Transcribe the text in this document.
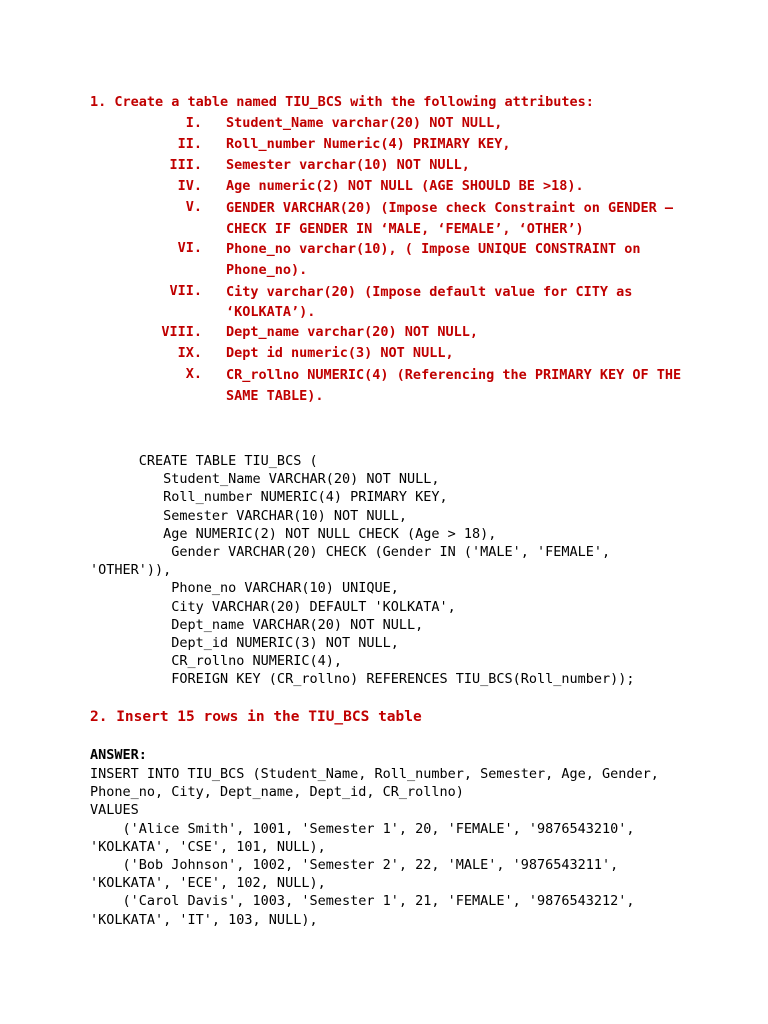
1. Create a table named TIU_BCS with the following attributes:
I. Student_Name varchar(20) NOT NULL,
II. Roll_number Numeric(4) PRIMARY KEY,
III. Semester varchar(10) NOT NULL,
IV. Age numeric(2) NOT NULL (AGE SHOULD BE >18).
V. GENDER VARCHAR(20) (Impose check Constraint on GENDER – CHECK IF GENDER IN ‘MALE, ‘FEMALE’, ‘OTHER’)
VI. Phone_no varchar(10), ( Impose UNIQUE CONSTRAINT on Phone_no).
VII. City varchar(20) (Impose default value for CITY as ‘KOLKATA’).
VIII. Dept_name varchar(20) NOT NULL,
IX. Dept id numeric(3) NOT NULL,
X. CR_rollno NUMERIC(4) (Referencing the PRIMARY KEY OF THE SAME TABLE).
CREATE TABLE TIU_BCS (
Student_Name VARCHAR(20) NOT NULL,
Roll_number NUMERIC(4) PRIMARY KEY,
Semester VARCHAR(10) NOT NULL,
Age NUMERIC(2) NOT NULL CHECK (Age > 18),
Gender VARCHAR(20) CHECK (Gender IN ('MALE', 'FEMALE',
'OTHER')),
Phone_no VARCHAR(10) UNIQUE,
City VARCHAR(20) DEFAULT 'KOLKATA',
Dept_name VARCHAR(20) NOT NULL,
Dept_id NUMERIC(3) NOT NULL,
CR_rollno NUMERIC(4),
FOREIGN KEY (CR_rollno) REFERENCES TIU_BCS(Roll_number));
2. Insert 15 rows in the TIU_BCS table
ANSWER:
INSERT INTO TIU_BCS (Student_Name, Roll_number, Semester, Age, Gender,
Phone_no, City, Dept_name, Dept_id, CR_rollno)
VALUES
('Alice Smith', 1001, 'Semester 1', 20, 'FEMALE', '9876543210',
'KOLKATA', 'CSE', 101, NULL),
('Bob Johnson', 1002, 'Semester 2', 22, 'MALE', '9876543211',
'KOLKATA', 'ECE', 102, NULL),
('Carol Davis', 1003, 'Semester 1', 21, 'FEMALE', '9876543212',
'KOLKATA', 'IT', 103, NULL),
